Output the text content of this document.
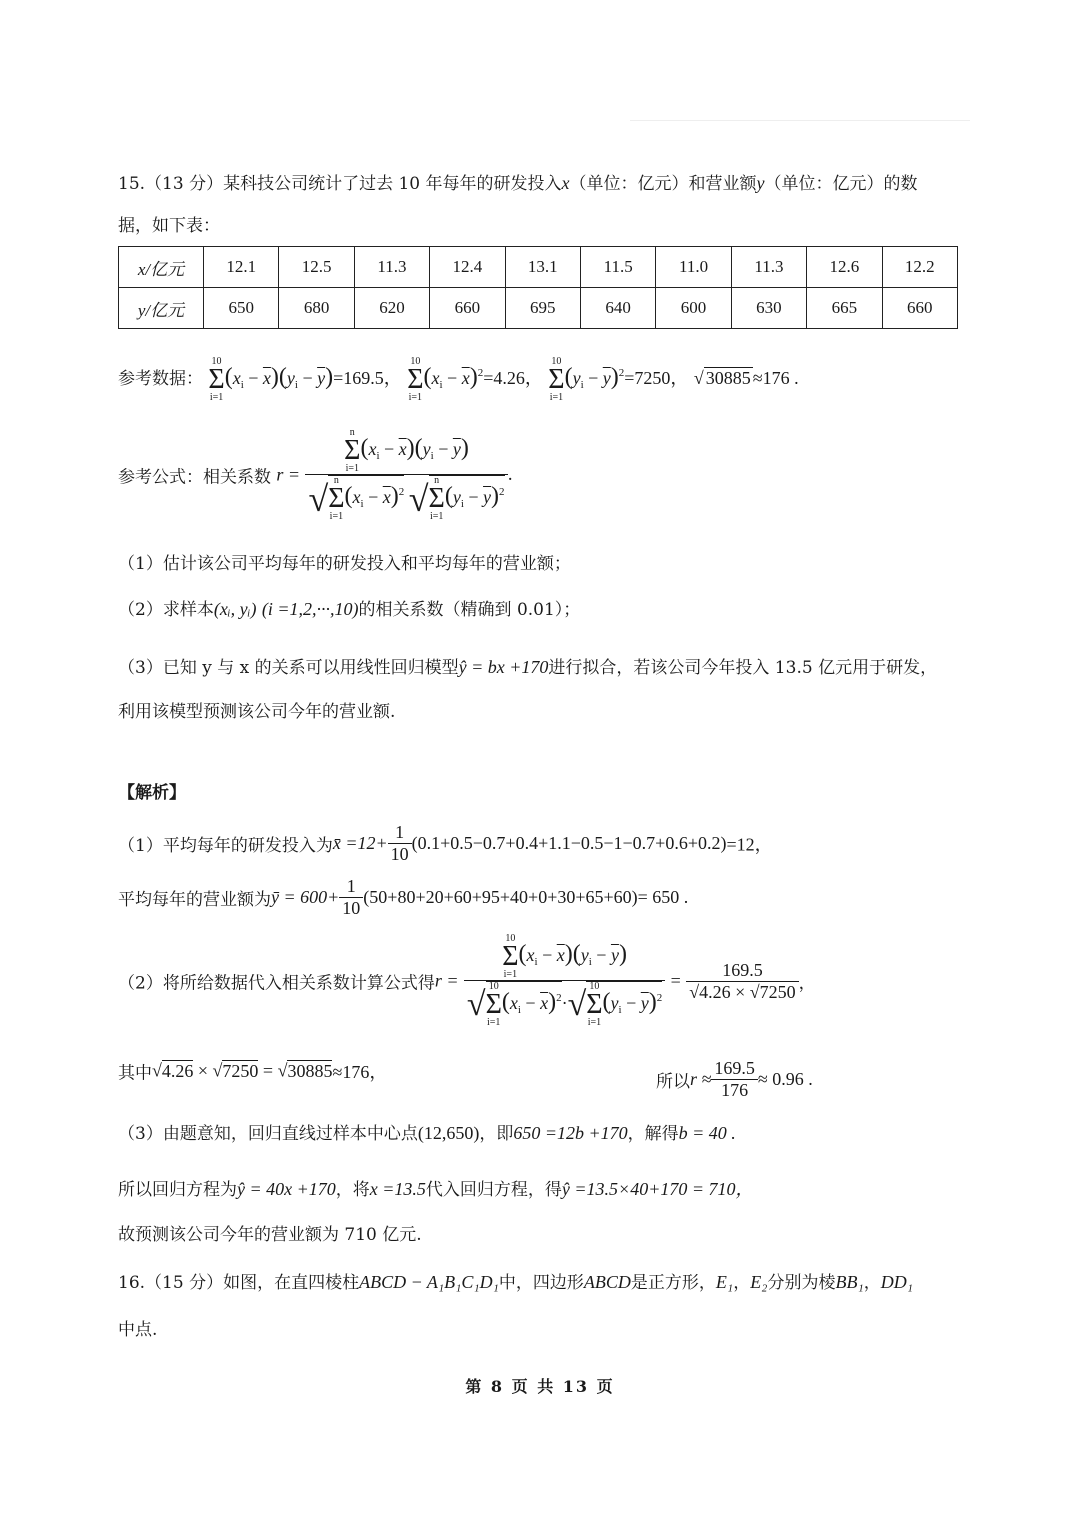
15.（13 分）某科技公司统计了过去 10 年每年的研发投入x（单位：亿元）和营业额y（单位：亿元）的数
据，如下表：
x/亿元	12.1	12.5	11.3	12.4	13.1	11.5	11.0	11.3	12.6	12.2
y/亿元	650	680	620	660	695	640	600	630	665	660
参考数据：
10
Σ
i=1
$(x_i - \overline{x})(y_i - \overline{y})=169.5$，
10
Σ
i=1
$(x_i - \overline{x})^2=4.26$，
10
Σ
i=1
$(y_i - \overline{y})^2=7250$， √ 30885 ≈176 .
参考公式：相关系数 r = n
Σ
i=1
$(x_i - \overline{x})(y_i - \overline{y})$
√ n
Σ
i=1
$(x_i - \overline{x})^2$ √ n
Σ
i=1
$(y_i - \overline{y})^2$ .
（1）估计该公司平均每年的研发投入和平均每年的营业额；
（2）求样本(xᵢ, yᵢ) (i =1,2,···,10)的相关系数（精确到 0.01）；
（3）已知 y 与 x 的关系可以用线性回归模型ŷ = bx +170进行拟合，若该公司今年投入 13.5 亿元用于研发，
利用该模型预测该公司今年的营业额.
【解析】
（1）平均每年的研发投入为x̄ $=12+ \frac{1}{10} (0.1+0.5-0.7+0.4+1.1-0.5-1-0.7+0.6+0.2)=12$，
平均每年的营业额为ȳ = $600+ \frac{1}{10} (50+80+20+60+95+40+0+30+65+60)= 650$ .
（2）将所给数据代入相关系数计算公式得r = 10
Σ
i=1
$(x_i - \overline{x})(y_i - \overline{y})$
√ 10
Σ
i=1
$(x_i - \overline{x})^2\cdot√$ 10
Σ
i=1
$(y_i - \overline{y})^2 = \frac{169.5}{√4.26 \times √7250}$ ，
其中√4.26 × √7250 = √30885≈176，	所以$r \approx \frac{169.5}{176} \approx 0.96$ .
（3）由题意知，回归直线过样本中心点(12,650)，即650 =12b +170，解得b = 40 .
所以回归方程为ŷ = 40x +170，将x =13.5代入回归方程，得ŷ =13.5×40+170 = 710，
故预测该公司今年的营业额为 710 亿元.
16.（15 分）如图，在直四棱柱ABCD − A₁B₁C₁D₁中，四边形ABCD是正方形，E₁，E₂分别为棱BB₁，DD₁
中点.
第 8 页 共 13 页
